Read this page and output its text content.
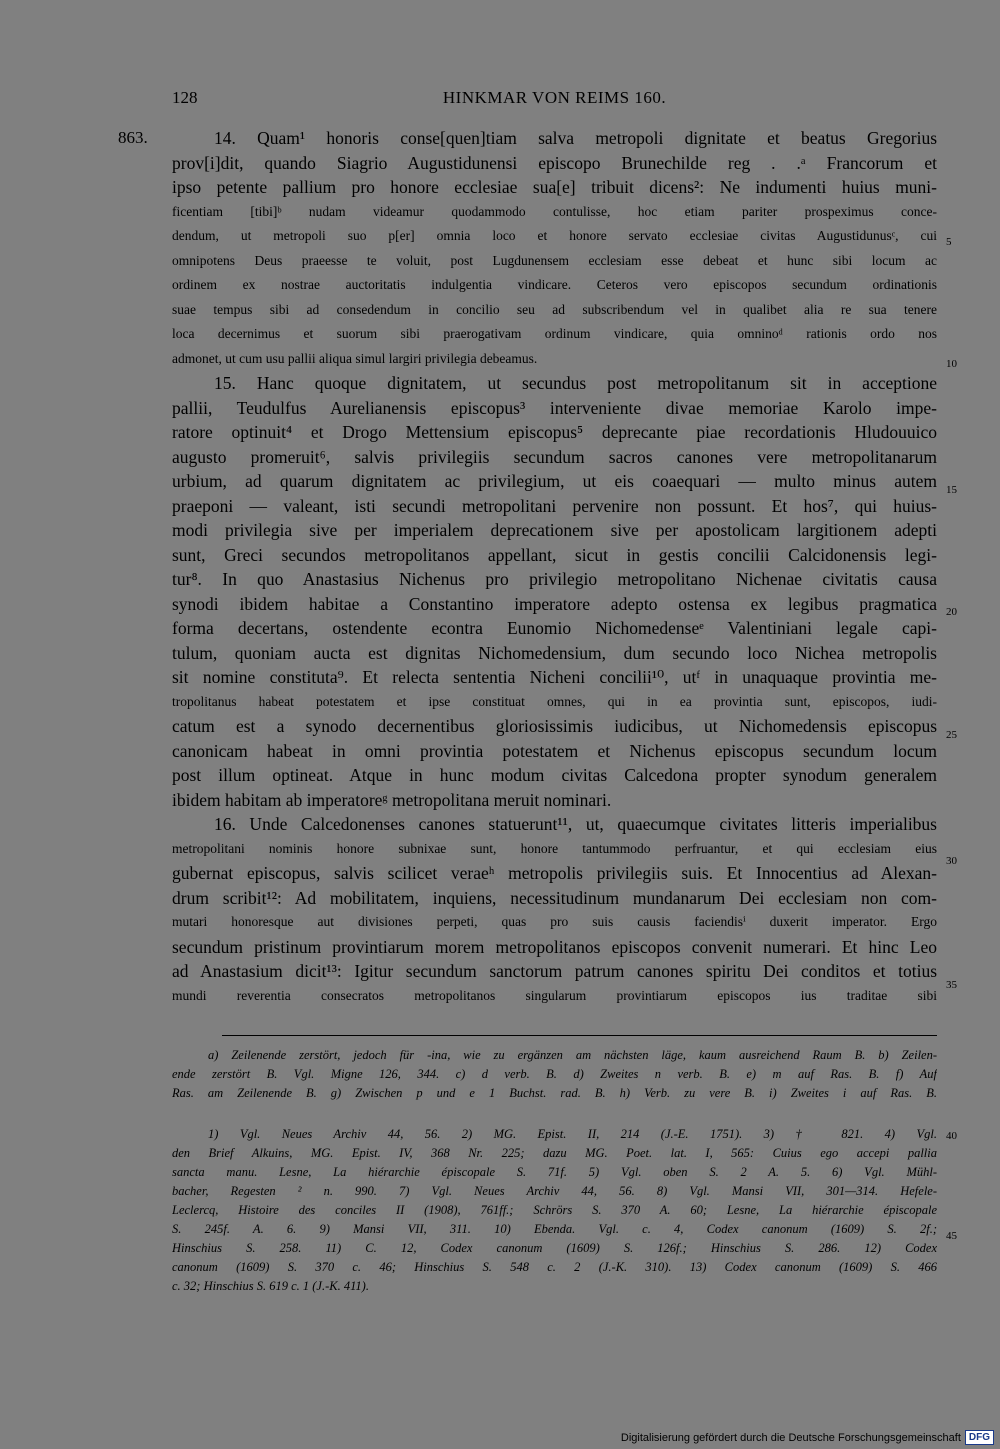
128	HINKMAR VON REIMS 160.
863.	14. Quam¹ honoris conse[quen]tiam salva metropoli dignitate et beatus Gregorius
prov[i]dit, quando Siagrio Augustidunensi episcopo Brunechilde reg . .ᵃ Francorum et
ipso petente pallium pro honore ecclesiae sua[e] tribuit dicens²: Ne indumenti huius muni-
ficentiam [tibi]ᵇ nudam videamur quodammodo contulisse, hoc etiam pariter prospeximus conce-
dendum, ut metropoli suo p[er] omnia loco et honore servato ecclesiae civitas Augustidunusᶜ, cui
omnipotens Deus praeesse te voluit, post Lugdunensem ecclesiam esse debeat et hunc sibi locum ac
ordinem ex nostrae auctoritatis indulgentia vindicare. Ceteros vero episcopos secundum ordinationis
suae tempus sibi ad consedendum in concilio seu ad subscribendum vel in qualibet alia re sua tenere
loca decernimus et suorum sibi praerogativam ordinum vindicare, quia omninoᵈ rationis ordo nos
admonet, ut cum usu pallii aliqua simul largiri privilegia debeamus.
15. Hanc quoque dignitatem, ut secundus post metropolitanum sit in acceptione
pallii, Teudulfus Aurelianensis episcopus³ interveniente divae memoriae Karolo impe-
ratore optinuit⁴ et Drogo Mettensium episcopus⁵ deprecante piae recordationis Hludouuico
augusto promeruit⁶, salvis privilegiis secundum sacros canones vere metropolitanarum
urbium, ad quarum dignitatem ac privilegium, ut eis coaequari — multo minus autem
praeponi — valeant, isti secundi metropolitani pervenire non possunt. Et hos⁷, qui huius-
modi privilegia sive per imperialem deprecationem sive per apostolicam largitionem adepti
sunt, Greci secundos metropolitanos appellant, sicut in gestis concilii Calcidonensis legi-
tur⁸. In quo Anastasius Nichenus pro privilegio metropolitano Nichenae civitatis causa
synodi ibidem habitae a Constantino imperatore adepto ostensa ex legibus pragmatica
forma decertans, ostendente econtra Eunomio Nichomedenseᵉ Valentiniani legale capi-
tulum, quoniam aucta est dignitas Nichomedensium, dum secundo loco Nichea metropolis
sit nomine constituta⁹. Et relecta sententia Nicheni concilii¹⁰, utᶠ in unaquaque provintia me-
tropolitanus habeat potestatem et ipse constituat omnes, qui in ea provintia sunt, episcopos, iudi-
catum est a synodo decernentibus gloriosissimis iudicibus, ut Nichomedensis episcopus
canonicam habeat in omni provintia potestatem et Nichenus episcopus secundum locum
post illum optineat. Atque in hunc modum civitas Calcedona propter synodum generalem
ibidem habitam ab imperatoreᵍ metropolitana meruit nominari.
16. Unde Calcedonenses canones statuerunt¹¹, ut, quaecumque civitates litteris imperialibus
metropolitani nominis honore subnixae sunt, honore tantummodo perfruantur, et qui ecclesiam eius
gubernat episcopus, salvis scilicet veraeʰ metropolis privilegiis suis. Et Innocentius ad Alexan-
drum scribit¹²: Ad mobilitatem, inquiens, necessitudinum mundanarum Dei ecclesiam non com-
mutari honoresque aut divisiones perpeti, quas pro suis causis faciendisⁱ duxerit imperator. Ergo
secundum pristinum provintiarum morem metropolitanos episcopos convenit numerari. Et hinc Leo
ad Anastasium dicit¹³: Igitur secundum sanctorum patrum canones spiritu Dei conditos et totius
mundi reverentia consecratos metropolitanos singularum provintiarum episcopos ius traditae sibi
5
10
15
20
25
30
35
a) Zeilenende zerstört, jedoch für -ina, wie zu ergänzen am nächsten läge, kaum ausreichend Raum B. b) Zeilen-
ende zerstört B. Vgl. Migne 126, 344. c) d verb. B. d) Zweites n verb. B. e) m auf Ras. B. f) Auf
Ras. am Zeilenende B. g) Zwischen p und e 1 Buchst. rad. B. h) Verb. zu vere B. i) Zweites i auf Ras. B.
1) Vgl. Neues Archiv 44, 56. 2) MG. Epist. II, 214 (J.-E. 1751). 3) † 821. 4) Vgl.
den Brief Alkuins, MG. Epist. IV, 368 Nr. 225; dazu MG. Poet. lat. I, 565: Cuius ego accepi pallia
sancta manu. Lesne, La hiérarchie épiscopale S. 71f. 5) Vgl. oben S. 2 A. 5. 6) Vgl. Mühl-
bacher, Regesten ² n. 990. 7) Vgl. Neues Archiv 44, 56. 8) Vgl. Mansi VII, 301—314. Hefele-
Leclercq, Histoire des conciles II (1908), 761ff.; Schrörs S. 370 A. 60; Lesne, La hiérarchie épiscopale
S. 245f. A. 6. 9) Mansi VII, 311. 10) Ebenda. Vgl. c. 4, Codex canonum (1609) S. 2f.;
Hinschius S. 258. 11) C. 12, Codex canonum (1609) S. 126f.; Hinschius S. 286. 12) Codex
canonum (1609) S. 370 c. 46; Hinschius S. 548 c. 2 (J.-K. 310). 13) Codex canonum (1609) S. 466
c. 32; Hinschius S. 619 c. 1 (J.-K. 411).
40
45
Digitalisierung gefördert durch die Deutsche Forschungsgemeinschaft DFG
